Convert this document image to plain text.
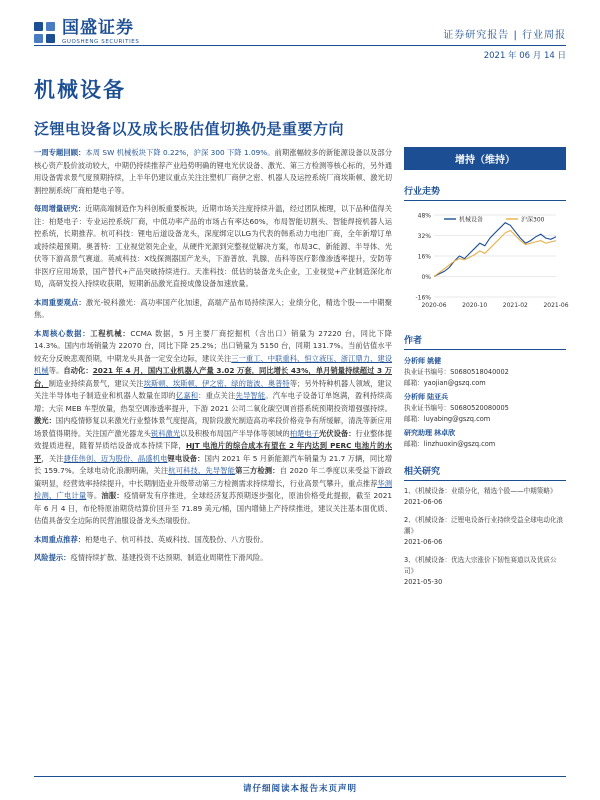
国盛证券
GUOSHENG SECURITIES
证券研究报告 | 行业周报
2021 年 06 月 14 日
机械设备
泛锂电设备以及成长股估值切换仍是重要方向
一周专题回顾：本周 SW 机械板块下降 0.22%，沪深 300 下降 1.09%。前期涨幅较多的新能源设备以及部分核心资产股价波动较大，中期仍持续推荐产业趋势明确的锂电光伏设备、激光、第三方检测等核心标的，另外通用设备需求景气度预期持续，上半年仍建议重点关注注塑机厂商伊之密、机器人及运控系统厂商埃斯顿、激光切割控制系统厂商柏楚电子等。
每周增量研究：近期高端制造作为科创板重要板块，近期市场关注度持续升温，经过团队梳理，以下品种值得关注：柏楚电子：专业运控系统厂商，中低功率产品的市场占有率达60%，布局智能切割头、智能焊接机器人运控系统，长期推荐。杭可科技：锂电后道设备龙头，深度绑定以LG为代表的韩系动力电池厂商，全年新增订单或持续超预期。奥普特：工业视觉领先企业，从硬件光源到完整视觉解决方案，布局3C、新能源、半导体、光伏等下游高景气赛道。英威科技：X线探测器国产龙头，下游普放、乳腺、齿科等医疗影像渗透率提升，安防等非医疗应用场景，国产替代+产品突破持续进行。天准科技：低估的装备龙头企业，工业视觉+产业制造深化布局，高研发投入持续收获期，短期新品激光直接成像设备加速放量。
本周重要观点：激光-锐科激光：高功率国产化加速，高端产品布局持续深入；业绩分化，精选个股——中期聚焦。
本周核心数据：工程机械：CCMA 数据，5 月主要厂商挖掘机（含出口）销量为 27220 台，同比下降 14.3%。国内市场销量为 22070 台，同比下降 25.2%；出口销量为 5150 台，同期 131.7%。当前估值水平较充分反映悲观预期，中期龙头具备一定安全边际，建议关注三一重工、中联重科、恒立液压、浙江鼎力、建设机械等。自动化：2021 年 4 月，国内工业机器人产量 3.02 万套，同比增长 43%，单月销量持续超过 3 万台，制造业持续高景气，建议关注埃斯顿、埃斯顿、伊之密、绿的谐波、奥普特等；另外特种机器人领域，建议关注半导体电子制造业和机器人数量在即的亿嘉和：重点关注先导智能。汽车电子设备订单饱满，盈利持续高增；大宗 MEB 车型放量，热泵空调渗透率提升，下游 2021 公司二氧化碳空调首搭系统预期投资增强强持续。激光：国内疫情修复以来激光行业整体景气度提高，现阶段激光制造高功率段价格竞争有所缓解，清洗等新应用场景值得期待。关注国产激光器龙头锐科激光以及积极布局国产半导体等领域的柏楚电子光伏设备：行业整体提效提质进程，随着异质结设备成本持续下降，HJT 电池片的综合成本有望在 2 年内达到 PERC 电池片的水平，关注捷佳伟创、迈为股份、晶盛机电锂电设备：国内 2021 年 5 月新能源汽车销量为 21.7 万辆，同比增长 159.7%。全球电动化浪潮明确，关注杭可科技、先导智能第三方检测：自 2020 年二季度以来受益下游政策明显，经营效率持续提升，中长期制造业升级带动第三方检测需求持续增长，行业高景气攀升，重点推荐华测检测、广电计量等。油服：疫情研发有序推进，全球经济复苏预期逐步强化，原油价格受此提振，截至 2021 年 6 月 4 日，布伦特原油期货结算价回升至 71.89 美元/桶，国内增储上产持续推进，建议关注基本面优质、估值具备安全边际的民营油服设备龙头杰瑞股份。
本周重点推荐：柏楚电子、杭可科技、英威科技、国茂股份、八方股份。
风险提示：疫情持续扩散、基建投资不达预期、制造业周期性下滑风险。
增持（维持）
行业走势
-16%
0%
16%
32%
48%
2020-06	2020-10	2021-02	2021-06
机械设备	沪深300
作者
分析师 姚健
执业证书编号：S0680518040002
邮箱：yaojian@gszq.com
分析师 陆亚兵
执业证书编号：S0680520080005
邮箱：luyabing@gszq.com
研究助理 林卓欣
邮箱：linzhuoxin@gszq.com
相关研究
1、《机械设备：业绩分化，精选个股——中期策略》
2021-06-06
2、《机械设备：泛锂电设备行业持续受益全球电动化浪潮》
2021-06-06
3、《机械设备：优选大宗涨价下韧性赛道以及优质公司》
2021-05-30
请仔细阅读本报告末页声明
